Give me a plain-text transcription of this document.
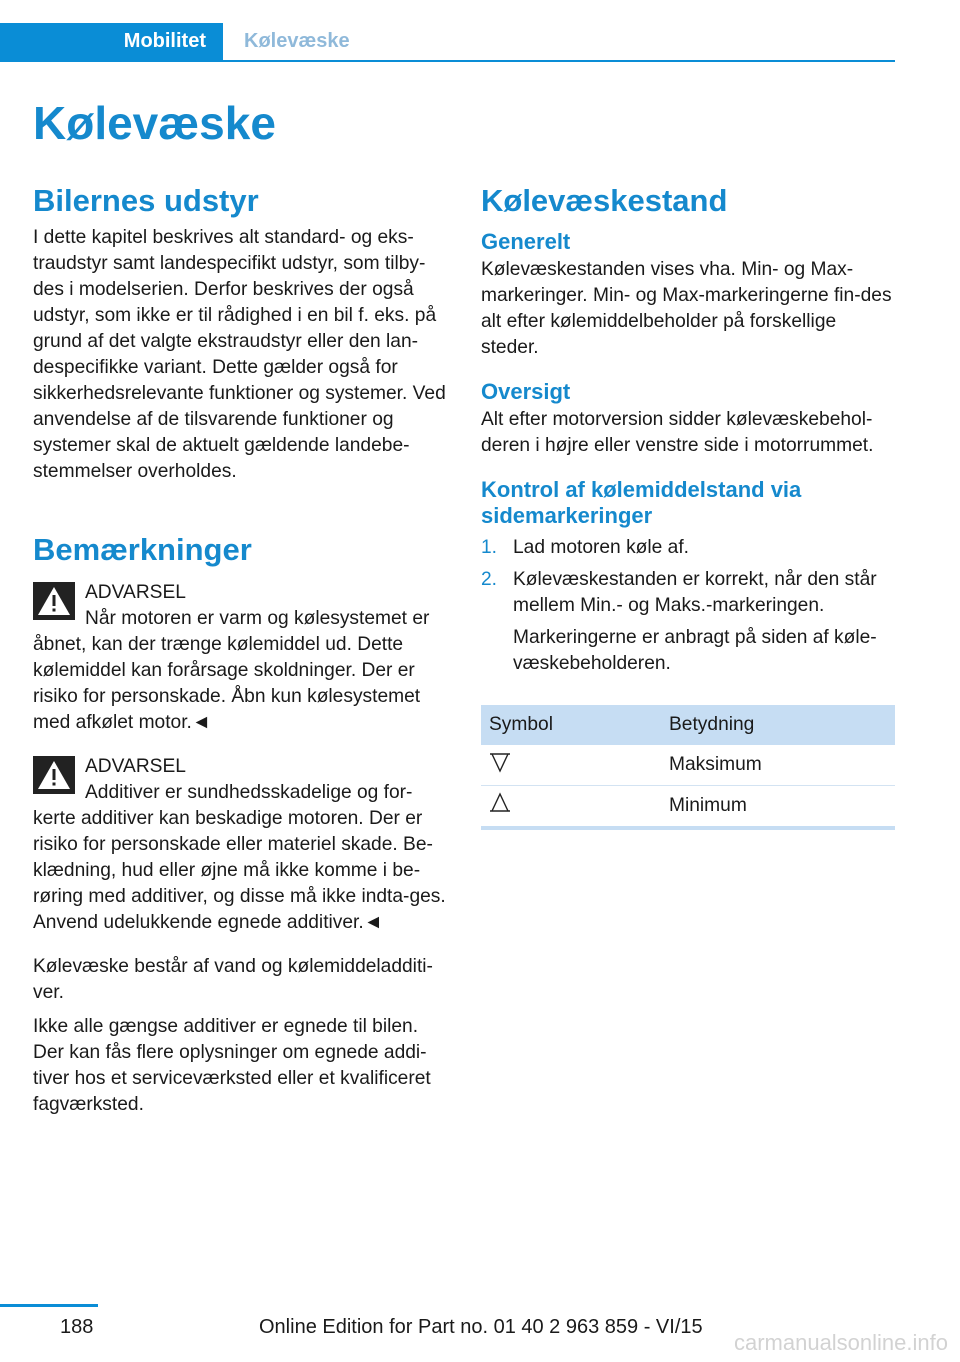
Mobilitet Kølevæske
Kølevæske
Bilernes udstyr

I dette kapitel beskrives alt standard- og eks-traudstyr samt landespecifikt udstyr, som tilby-des i modelserien. Derfor beskrives der også udstyr, som ikke er til rådighed i en bil f. eks. på grund af det valgte ekstraudstyr eller den lan-despecifikke variant. Dette gælder også for sikkerhedsrelevante funktioner og systemer. Ved anvendelse af de tilsvarende funktioner og systemer skal de aktuelt gældende landebe-stemmelser overholdes.

Bemærkninger
ADVARSEL

Når motoren er varm og kølesystemet er åbnet, kan der trænge kølemiddel ud. Dette kølemiddel kan forårsage skoldninger. Der er risiko for personskade. Åbn kun kølesystemet med afkølet motor.◄

ADVARSEL

Additiver er sundhedsskadelige og for-kerte additiver kan beskadige motoren. Der er risiko for personskade eller materiel skade. Be-klædning, hud eller øjne må ikke komme i be-røring med additiver, og disse må ikke indta-ges. Anvend udelukkende egnede additiver.◄

Kølevæske består af vand og kølemiddeladditi-ver.

Ikke alle gængse additiver er egnede til bilen. Der kan fås flere oplysninger om egnede addi-tiver hos et serviceværksted eller et kvalificeret fagværksted.

Kølevæskestand
Generelt

Kølevæskestanden vises vha. Min- og Max-markeringer. Min- og Max-markeringerne fin-des alt efter kølemiddelbeholder på forskellige steder.

Oversigt

Alt efter motorversion sidder kølevæskebehol-deren i højre eller venstre side i motorrummet.

Kontrol af kølemiddelstand via sidemarkeringer
1. Lad motoren køle af.
2. Kølevæskestanden er korrekt, når den står mellem Min.- og Maks.-markeringen.

Markeringerne er anbragt på siden af køle-væskebeholderen.

Symbol	Betydning
	Maksimum
	Minimum
188	Online Edition for Part no. 01 40 2 963 859 - VI/15
carmanualsonline.info
